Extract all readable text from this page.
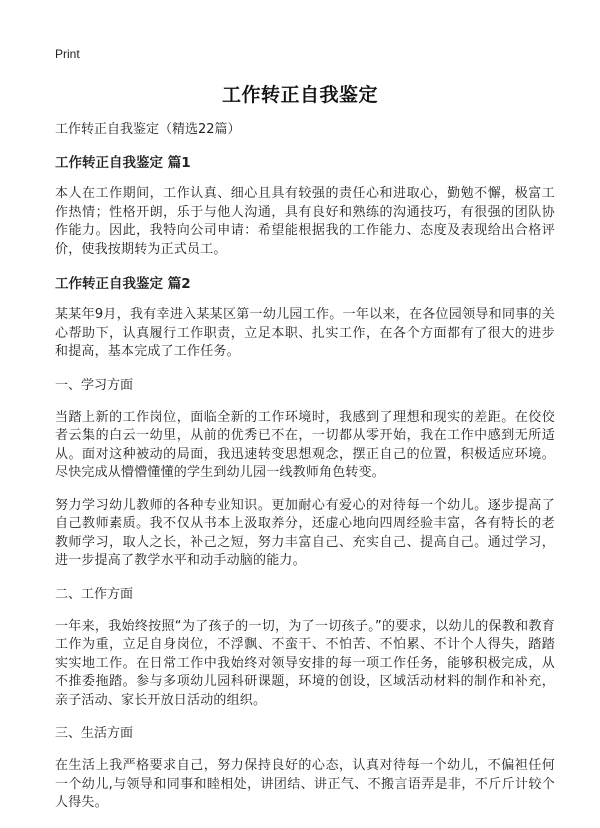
Print
工作转正自我鉴定
工作转正自我鉴定（精选22篇）
工作转正自我鉴定 篇1
本人在工作期间，工作认真、细心且具有较强的责任心和进取心，勤勉不懈，极富工作热情；性格开朗，乐于与他人沟通，具有良好和熟练的沟通技巧，有很强的团队协作能力。因此，我特向公司申请：希望能根据我的工作能力、态度及表现给出合格评价，使我按期转为正式员工。
工作转正自我鉴定 篇2
某某年9月，我有幸进入某某区第一幼儿园工作。一年以来，在各位园领导和同事的关心帮助下，认真履行工作职责，立足本职、扎实工作，在各个方面都有了很大的进步和提高，基本完成了工作任务。
一、学习方面
当踏上新的工作岗位，面临全新的工作环境时，我感到了理想和现实的差距。在佼佼者云集的白云一幼里，从前的优秀已不在，一切都从零开始，我在工作中感到无所适从。面对这种被动的局面，我迅速转变思想观念，摆正自己的位置，积极适应环境。尽快完成从懵懵懂懂的学生到幼儿园一线教师角色转变。
努力学习幼儿教师的各种专业知识。更加耐心有爱心的对待每一个幼儿。逐步提高了自己教师素质。我不仅从书本上汲取养分，还虚心地向四周经验丰富，各有特长的老教师学习，取人之长，补己之短，努力丰富自己、充实自己、提高自己。通过学习，进一步提高了教学水平和动手动脑的能力。
二、工作方面
一年来，我始终按照“为了孩子的一切，为了一切孩子。”的要求，以幼儿的保教和教育工作为重，立足自身岗位，不浮飘、不蛮干、不怕苦、不怕累、不计个人得失，踏踏实实地工作。在日常工作中我始终对领导安排的每一项工作任务，能够积极完成，从不推委拖踏。参与多项幼儿园科研课题，环境的创设，区域活动材料的制作和补充，亲子活动、家长开放日活动的组织。
三、生活方面
在生活上我严格要求自己，努力保持良好的心态，认真对待每一个幼儿，不偏袒任何一个幼儿,与领导和同事和睦相处，讲团结、讲正气、不搬言语弄是非，不斤斤计较个人得失。
